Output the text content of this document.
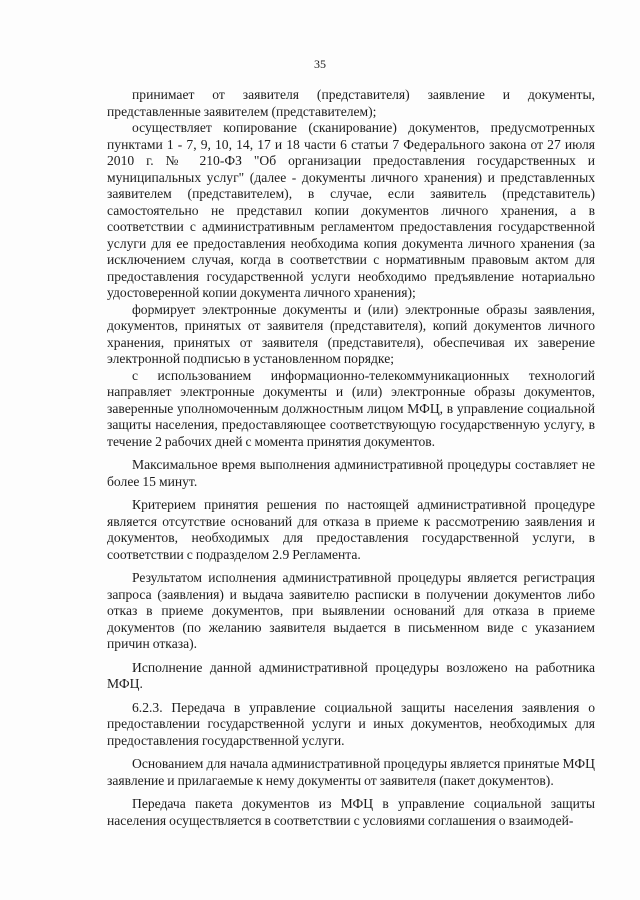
35

принимает от заявителя (представителя) заявление и документы, представленные заявителем (представителем);

осуществляет копирование (сканирование) документов, предусмотренных пунктами 1 - 7, 9, 10, 14, 17 и 18 части 6 статьи 7 Федерального закона от 27 июля 2010 г. № 210-ФЗ "Об организации предоставления государственных и муниципальных услуг" (далее - документы личного хранения) и представленных заявителем (представителем), в случае, если заявитель (представитель) самостоятельно не представил копии документов личного хранения, а в соответствии с административным регламентом предоставления государственной услуги для ее предоставления необходима копия документа личного хранения (за исключением случая, когда в соответствии с нормативным правовым актом для предоставления государственной услуги необходимо предъявление нотариально удостоверенной копии документа личного хранения);

формирует электронные документы и (или) электронные образы заявления, документов, принятых от заявителя (представителя), копий документов личного хранения, принятых от заявителя (представителя), обеспечивая их заверение электронной подписью в установленном порядке;

с использованием информационно-телекоммуникационных технологий направляет электронные документы и (или) электронные образы документов, заверенные уполномоченным должностным лицом МФЦ, в управление социальной защиты населения, предоставляющее соответствующую государственную услугу, в течение 2 рабочих дней с момента принятия документов.

Максимальное время выполнения административной процедуры составляет не более 15 минут.

Критерием принятия решения по настоящей административной процедуре является отсутствие оснований для отказа в приеме к рассмотрению заявления и документов, необходимых для предоставления государственной услуги, в соответствии с подразделом 2.9 Регламента.

Результатом исполнения административной процедуры является регистрация запроса (заявления) и выдача заявителю расписки в получении документов либо отказ в приеме документов, при выявлении оснований для отказа в приеме документов (по желанию заявителя выдается в письменном виде с указанием причин отказа).

Исполнение данной административной процедуры возложено на работника МФЦ.

6.2.3. Передача в управление социальной защиты населения заявления о предоставлении государственной услуги и иных документов, необходимых для предоставления государственной услуги.

Основанием для начала административной процедуры является принятые МФЦ заявление и прилагаемые к нему документы от заявителя (пакет документов).

Передача пакета документов из МФЦ в управление социальной защиты населения осуществляется в соответствии с условиями соглашения о взаимодей-
